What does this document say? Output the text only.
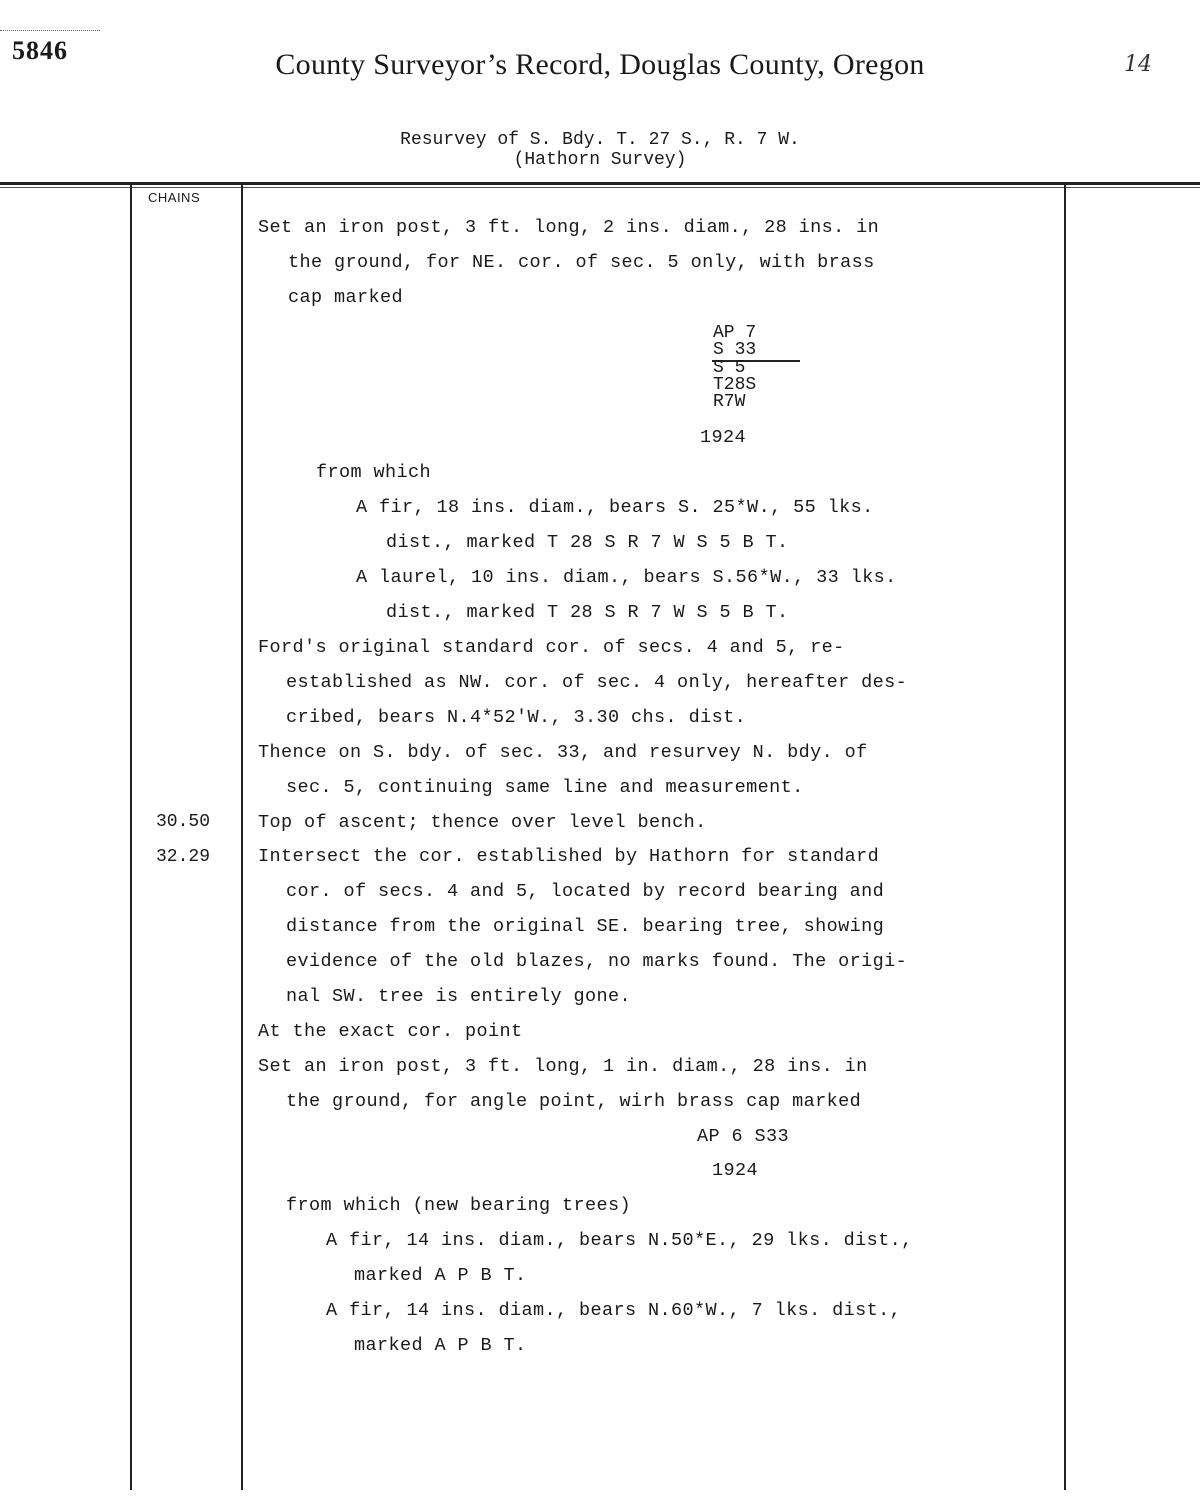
5846	County Surveyor’s Record, Douglas County, Oregon	14
Resurvey of S. Bdy. T. 27 S., R. 7 W.
(Hathorn Survey)
CHAINS
30.50
32.29
Set an iron post, 3 ft. long, 2 ins. diam., 28 ins. in
the ground, for NE. cor. of sec. 5 only, with brass
cap marked
AP 7
S 33
S 5
T28S
R7W
1924
from which
A fir, 18 ins. diam., bears S. 25*W., 55 lks.
dist., marked T 28 S R 7 W S 5 B T.
A laurel, 10 ins. diam., bears S.56*W., 33 lks.
dist., marked T 28 S R 7 W S 5 B T.
Ford's original standard cor. of secs. 4 and 5, re-
established as NW. cor. of sec. 4 only, hereafter des-
cribed, bears N.4*52'W., 3.30 chs. dist.
Thence on S. bdy. of sec. 33, and resurvey N. bdy. of
sec. 5, continuing same line and measurement.
Top of ascent; thence over level bench.
Intersect the cor. established by Hathorn for standard
cor. of secs. 4 and 5, located by record bearing and
distance from the original SE. bearing tree, showing
evidence of the old blazes, no marks found. The origi-
nal SW. tree is entirely gone.
At the exact cor. point
Set an iron post, 3 ft. long, 1 in. diam., 28 ins. in
the ground, for angle point, wirh brass cap marked
AP 6 S33
1924
from which (new bearing trees)
A fir, 14 ins. diam., bears N.50*E., 29 lks. dist.,
marked A P B T.
A fir, 14 ins. diam., bears N.60*W., 7 lks. dist.,
marked A P B T.
